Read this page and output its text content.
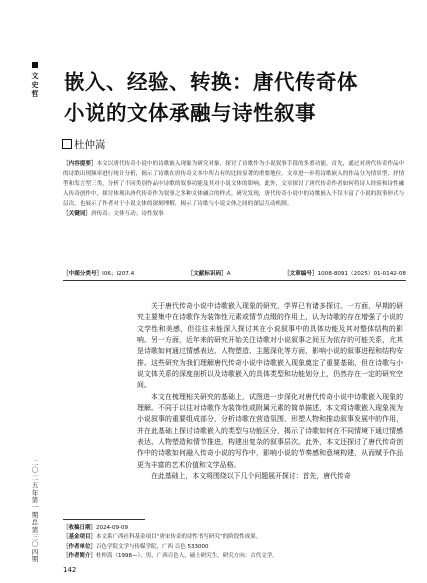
文
史
哲
二〇二五年第一期总第三〇四期
嵌入、经验、转换：唐代传奇体
小说的文体承融与诗性叙事
杜仲嵩
［内容提要］本文以唐代传奇小说中的诗歌嵌入现象为研究对象，探讨了诗歌作为小说叙事手段的多重功能。首先，通过对唐代传奇作品中的诗歌出现频率进行统计分析，揭示了诗歌在唐传奇文本中所占有的比较显著的重要地位。文章进一步将诗歌嵌入的作品分为情景型、抒情型和发言型三类，分析了不同类别作品中诗歌的叙事功能及其对小说文体的影响。此外，文章探讨了唐代传奇作者如何将诗人经验和诗性融入传奇创作中，探讨体现出唐代传奇作为叙事之多种文体融合的样式。研究发现，唐代传奇小说中的诗歌嵌入不仅丰富了小说的叙事形式与层次，也展示了作者对于小说文体的深刻理解，揭示了诗歌与小说文体之间的深层互动机制。
［关键词］唐传奇；文体互动；诗性叙事
［中图分类号］I06；I207.4	［文献标识码］A	［文章编号］1008-8091（2025）01-0142-08

关于唐代传奇小说中诗歌嵌入现象的研究，学界已有诸多探讨。一方面，早期的研究主要集中在诗歌作为装饰性元素或情节点缀的作用上，认为诗歌的存在增强了小说的文学性和美感，但往往未能深入探讨其在小说叙事中的具体功能及其对整体结构的影响。另一方面，近年来的研究开始关注诗歌对小说叙事之间互为依存的可能关系，尤其是诗歌如何通过情感表达、人物塑造、主题深化等方面，影响小说的叙事进程和结构安排。这些研究为我们理解唐代传奇小说中诗歌嵌入现象奠定了重要基础，但在诗歌与小说文体关系的深度剖析以及诗歌嵌入的具体类型和功能划分上，仍然存在一定的研究空间。

本文在梳理相关研究的基础上，试图进一步深化对唐代传奇小说中诗歌嵌入现象的理解。不同于以往对诗歌作为装饰性或附属元素的简单描述，本文将诗歌嵌入现象视为小说叙事的重要组成部分，分析诗歌在营造氛围、形塑人物和推动叙事发展中的作用，并在此基础上探讨诗歌嵌入的类型与功能区分，揭示了诗歌如何在不同情境下通过情感表达、人物塑造和情节推进，构建出复杂的叙事层次。此外，本文还探讨了唐代传奇创作中的诗歌如何融入传奇小说的写作中，影响小说的节奏感和意境构建，从而赋予作品更为丰富的艺术价值和文学品格。

在此基础上，本文将围绕以下几个问题展开探讨：首先，唐代传奇

［收稿日期］2024-09-09
［基金项目］本文系广西社科基金项目“唐宋传奇的诗性书写研究”的阶段性成果。
［作者单位］百色学院文学与传媒学院，广西 百色 533000
［作者简介］杜仲嵩（1998—），男，广西百色人，硕士研究生。研究方向：古代文学。
142
